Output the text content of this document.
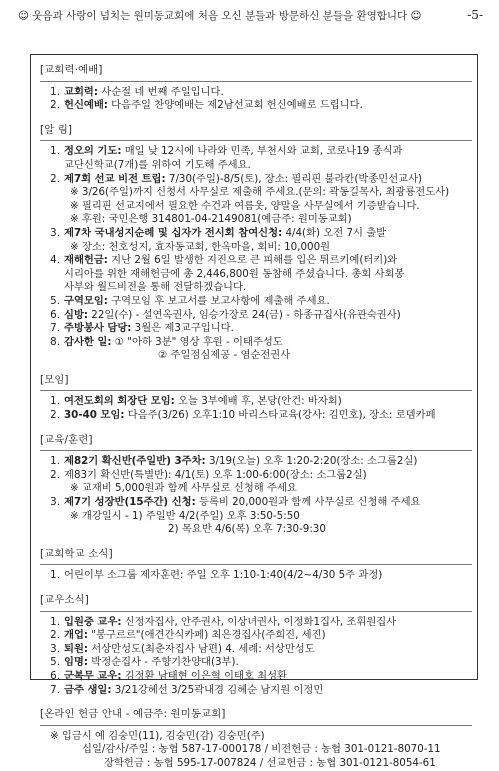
☺ 웃음과 사랑이 넘치는 원미동교회에 처음 오신 분들과 방문하신 분들을 환영합니다 ☺	-5-
[교회력·예배]
1. 교회력: 사순절 네 번째 주일입니다.
2. 헌신예배: 다음주일 찬양예배는 제2남선교회 헌신예배로 드립니다.
[알 림]
1. 정오의 기도: 매일 낮 12시에 나라와 민족, 부천시와 교회, 코로나19 종식과
교단신학교(7개)를 위하여 기도해 주세요.
2. 제7회 선교 비전 트립: 7/30(주일)-8/5(토), 장소: 필리핀 불라칸(박종민선교사)
※ 3/26(주일)까지 신청서 사무실로 제출해 주세요.(문의: 곽동길목사, 최광룡전도사)
※ 필리핀 선교지에서 필요한 수건과 여름옷, 양말을 사무실에서 기증받습니다.
※ 후원: 국민은행 314801-04-2149081(예금주: 원미동교회)
3. 제7차 국내성지순례 및 십자가 전시회 참여신청: 4/4(화) 오전 7시 출발
※ 장소: 천호성지, 효자동교회, 한옥마을, 회비: 10,000원
4. 재해헌금: 지난 2월 6일 발생한 지진으로 큰 피해를 입은 튀르키예(터키)와
시리아를 위한 재해헌금에 총 2,446,800원 동참해 주셨습니다. 총회 사회봉
사부와 월드비전을 통해 전달하겠습니다.
5. 구역모임: 구역모임 후 보고서를 보고사항에 제출해 주세요.
6. 심방: 22일(수) - 설연옥권사, 임승가장로 24(금) - 하종규집사(유관숙권사)
7. 주방봉사 담당: 3월은 제3교구입니다.
8. 감사한 일: ① "아하 3분" 영상 후원 - 이태주성도
② 주일점심제공 - 염순전권사
[모임]
1. 여전도회의 회장단 모임: 오늘 3부예배 후, 본당(안건: 바자회)
2. 30-40 모임: 다음주(3/26) 오후1:10 바리스타교육(강사: 김민호), 장소: 로뎀카페
[교육/훈련]
1. 제82기 확신반(주일반) 3주차: 3/19(오늘) 오후 1:20-2:20(장소: 소그룹2실)
2. 제83기 확신반(특별반): 4/1(토) 오후 1:00-6:00(장소: 소그룹2실)
※ 교재비 5,000원과 함께 사무실로 신청해 주세요
3. 제7기 성장반(15주간) 신청: 등록비 20,000원과 함께 사무실로 신청해 주세요
※ 개강일시 - 1) 주일반 4/2(주일) 오후 3:50-5:50
2) 목요반 4/6(목) 오후 7:30-9:30
[교회학교 소식]
1. 어린이부 소그룹 제자훈련: 주일 오후 1:10-1:40(4/2~4/30 5주 과정)
[교우소식]
1. 입원중 교우: 신정자집사, 안주권사, 이상녀권사, 이정화1집사, 조휘원집사
2. 개업: "봉구르르"(애견간식카페) 최은경집사(주희진, 세진)
3. 퇴원: 서상만성도(최춘자집사 남편) 4. 세례: 서상만성도
5. 임명: 박정순집사 - 주향기찬양대(3부).
6. 군복무 교우: 김정환 남태현 이은혁 이태호 최성환
7. 금주 생일: 3/21강혜선 3/25곽내경 김혜순 남지원 이정민
[온라인 헌금 안내 - 예금주: 원미동교회]
※ 입금시 예 김숭민(11), 김숭민(감) 김숭민(주)
십일/감사/주일 : 농협 587-17-000178 / 비전헌금 : 농협 301-0121-8070-11
장학헌금 : 농협 595-17-007824 / 선교헌금 : 농협 301-0121-8054-61
